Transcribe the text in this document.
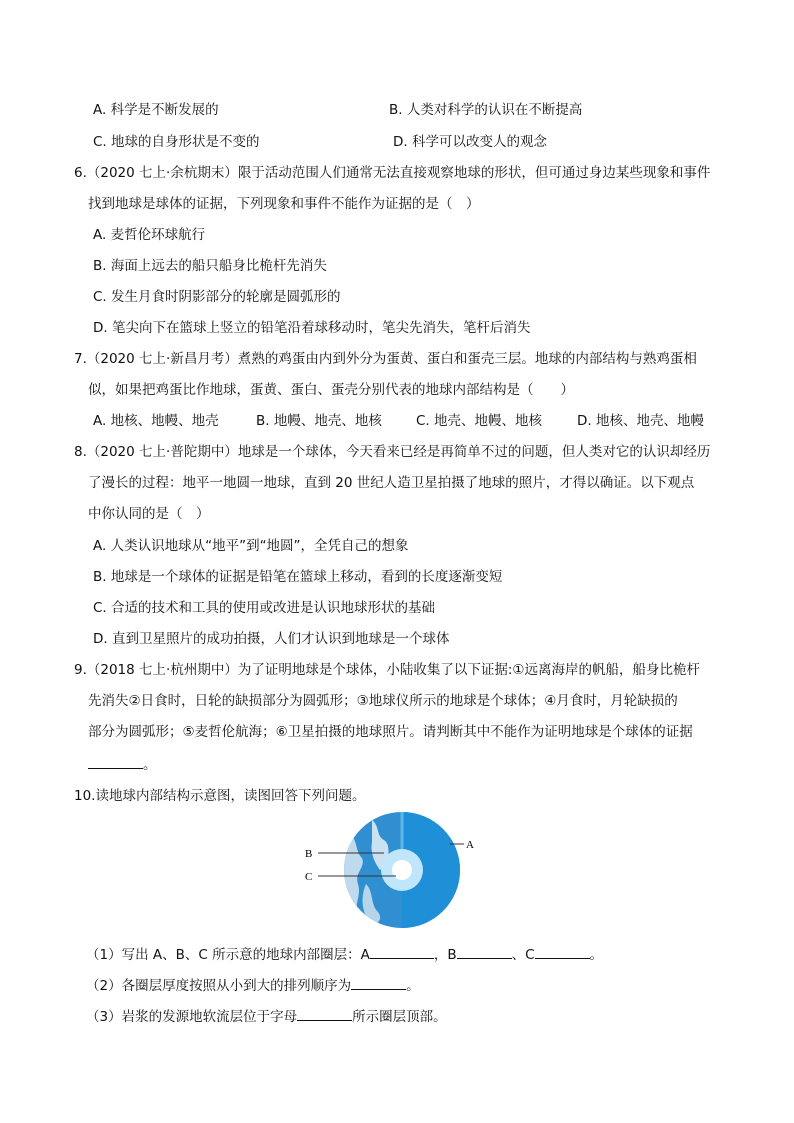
A. 科学是不断发展的	B. 人类对科学的认识在不断提高
C. 地球的自身形状是不变的	D. 科学可以改变人的观念
6.（2020 七上·余杭期末）限于活动范围人们通常无法直接观察地球的形状，但可通过身边某些现象和事件
找到地球是球体的证据，下列现象和事件不能作为证据的是（　）
A. 麦哲伦环球航行
B. 海面上远去的船只船身比桅杆先消失
C. 发生月食时阴影部分的轮廓是圆弧形的
D. 笔尖向下在篮球上竖立的铅笔沿着球移动时，笔尖先消失，笔杆后消失
7.（2020 七上·新昌月考）煮熟的鸡蛋由内到外分为蛋黄、蛋白和蛋壳三层。地球的内部结构与熟鸡蛋相
似，如果把鸡蛋比作地球，蛋黄、蛋白、蛋壳分别代表的地球内部结构是（　　）
A. 地核、地幔、地壳	B. 地幔、地壳、地核	C. 地壳、地幔、地核	D. 地核、地壳、地幔
8.（2020 七上·普陀期中）地球是一个球体，今天看来已经是再简单不过的问题，但人类对它的认识却经历
了漫长的过程：地平一地圆一地球，直到 20 世纪人造卫星拍摄了地球的照片，才得以确证。以下观点
中你认同的是（　）
A. 人类认识地球从“地平”到“地圆”，全凭自己的想象
B. 地球是一个球体的证据是铅笔在篮球上移动，看到的长度逐渐变短
C. 合适的技术和工具的使用或改进是认识地球形状的基础
D. 直到卫星照片的成功拍摄，人们才认识到地球是一个球体
9.（2018 七上·杭州期中）为了证明地球是个球体，小陆收集了以下证据:①远离海岸的帆船，船身比桅杆
先消失②日食时，日轮的缺损部分为圆弧形；③地球仪所示的地球是个球体；④月食时，月轮缺损的
部分为圆弧形；⑤麦哲伦航海；⑥卫星拍摄的地球照片。请判断其中不能作为证明地球是个球体的证据
。
10.读地球内部结构示意图，读图回答下列问题。
A
B
C
（1）写出 A、B、C 所示意的地球内部圈层：A	，B	、C	。
（2）各圈层厚度按照从小到大的排列顺序为	。
（3）岩浆的发源地软流层位于字母	所示圈层顶部。
